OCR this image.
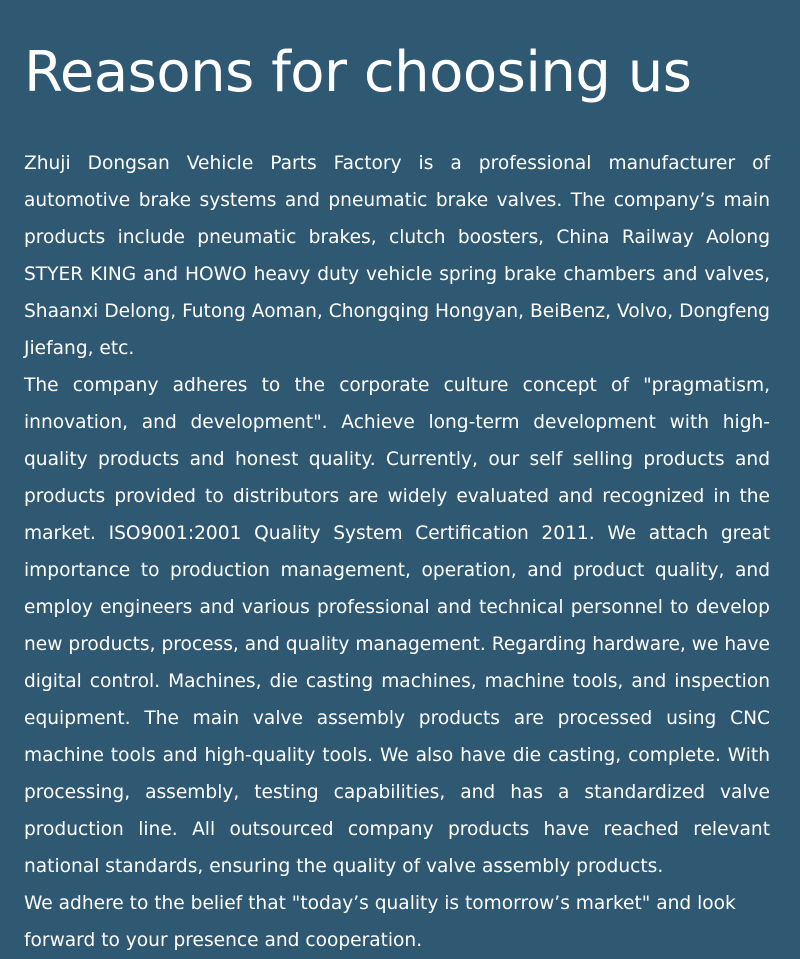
Reasons for choosing us

Zhuji Dongsan Vehicle Parts Factory is a professional manufacturer of automotive brake systems and pneumatic brake valves. The company’s main products include pneumatic brakes, clutch boosters, China Railway Aolong STYER KING and HOWO heavy duty vehicle spring brake chambers and valves, Shaanxi Delong, Futong Aoman, Chongqing Hongyan, BeiBenz, Volvo, Dongfeng Jiefang, etc.

The company adheres to the corporate culture concept of "pragmatism, innovation, and development". Achieve long-term development with high-quality products and honest quality. Currently, our self selling products and products provided to distributors are widely evaluated and recognized in the market. ISO9001:2001 Quality System Certification 2011. We attach great importance to production management, operation, and product quality, and employ engineers and various professional and technical personnel to develop new products, process, and quality management. Regarding hardware, we have digital control. Machines, die casting machines, machine tools, and inspection equipment. The main valve assembly products are processed using CNC machine tools and high-quality tools. We also have die casting, complete. With processing, assembly, testing capabilities, and has a standardized valve production line. All outsourced company products have reached relevant national standards, ensuring the quality of valve assembly products.

We adhere to the belief that "today’s quality is tomorrow’s market" and look forward to your presence and cooperation.
